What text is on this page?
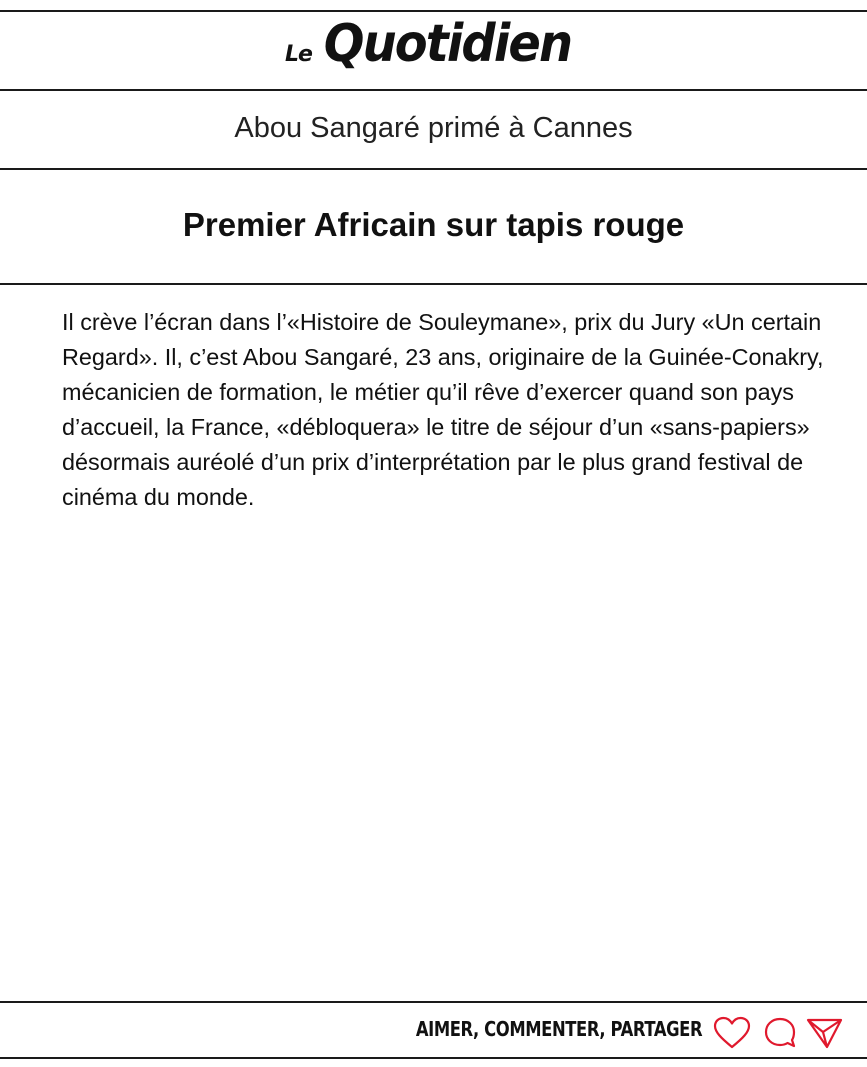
Le Quotidien
Abou Sangaré primé à Cannes
Premier Africain sur tapis rouge
Il crève l’écran dans l’«Histoire de Souleymane», prix du Jury «Un certain Regard». Il, c’est Abou Sangaré, 23 ans, originaire de la Guinée-Conakry, mécanicien de formation, le métier qu’il rêve d’exercer quand son pays d’accueil, la France, «débloquera» le titre de séjour d’un «sans-papiers» désormais auréolé d’un prix d’interprétation par le plus grand festival de cinéma du monde.
AIMER, COMMENTER, PARTAGER
